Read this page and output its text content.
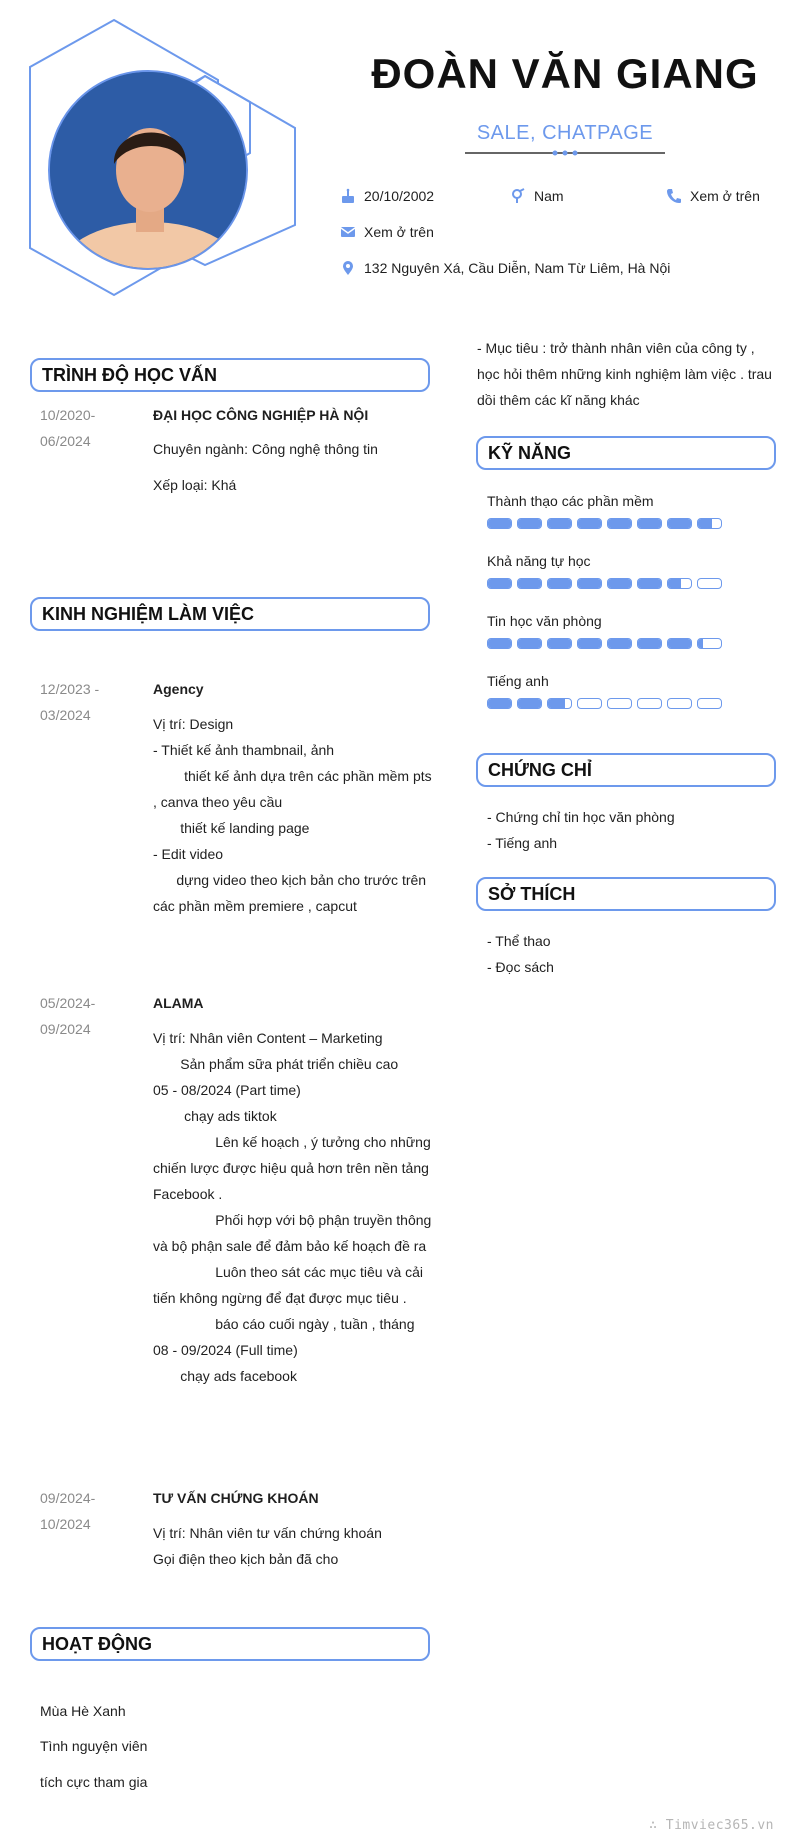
ĐOÀN VĂN GIANG
SALE, CHATPAGE
20/10/2002	Nam	Xem ở trên
Xem ở trên
132 Nguyên Xá, Cầu Diễn, Nam Từ Liêm, Hà Nội
TRÌNH ĐỘ HỌC VẤN
10/2020-
06/2024
ĐẠI HỌC CÔNG NGHIỆP HÀ NỘI
Chuyên ngành: Công nghệ thông tin
Xếp loại: Khá
KINH NGHIỆM LÀM VIỆC
12/2023 -
03/2024
Agency
Vị trí: Design
- Thiết kế ảnh thambnail, ảnh
thiết kế ảnh dựa trên các phần mềm pts
, canva theo yêu cầu
thiết kế landing page
- Edit video
dựng video theo kịch bản cho trước trên
các phần mềm premiere , capcut
05/2024-
09/2024
ALAMA
Vị trí: Nhân viên Content – Marketing
Sản phẩm sữa phát triển chiều cao
05 - 08/2024 (Part time)
chạy ads tiktok
Lên kế hoạch , ý tưởng cho những
chiến lược được hiệu quả hơn trên nền tảng
Facebook .
Phối hợp với bộ phận truyền thông
và bộ phận sale để đảm bảo kế hoạch đề ra
Luôn theo sát các mục tiêu và cải
tiến không ngừng để đạt được mục tiêu .
báo cáo cuối ngày , tuần , tháng
08 - 09/2024 (Full time)
chạy ads facebook
09/2024-
10/2024
TƯ VẤN CHỨNG KHOÁN
Vị trí: Nhân viên tư vấn chứng khoán
Gọi điện theo kịch bản đã cho
HOẠT ĐỘNG
Mùa Hè Xanh
Tình nguyện viên
tích cực tham gia
- Mục tiêu : trở thành nhân viên của công ty , học hỏi thêm những kinh nghiệm làm việc . trau dồi thêm các kĩ năng khác
KỸ NĂNG
Thành thạo các phần mềm
Khả năng tự học
Tin học văn phòng
Tiếng anh
CHỨNG CHỈ
- Chứng chỉ tin học văn phòng
- Tiếng anh
SỞ THÍCH
- Thể thao
- Đọc sách
∴ Timviec365.vn
